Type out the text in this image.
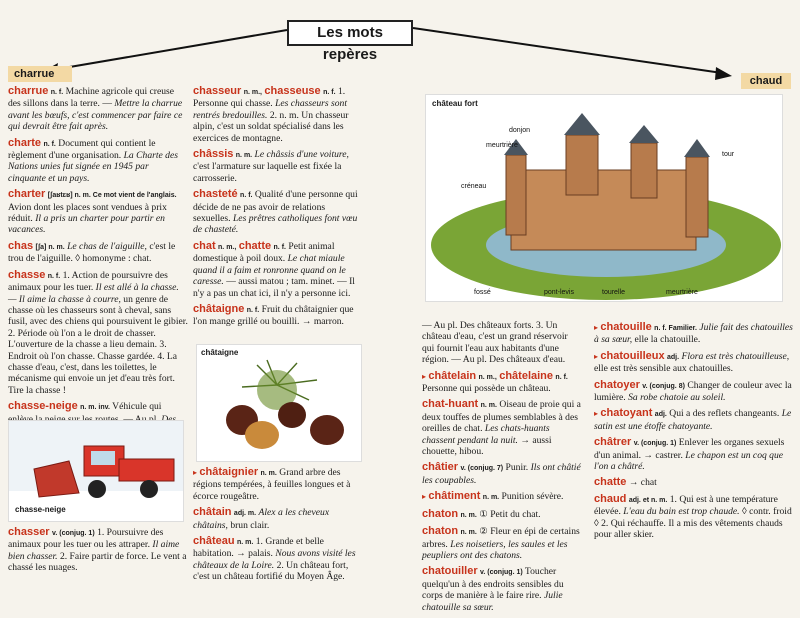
Les mots repères
charrue
chaud
charrue n. f. Machine agricole qui creuse des sillons dans la terre. — Mettre la charrue avant les bœufs, c'est commencer par faire ce qui devrait être fait après.
charte n. f. Document qui contient le règlement d'une organisation. La Charte des Nations unies fut signée en 1945 par cinquante et un pays.
charter [ʃaʁtɛʁ] n. m. Ce mot vient de l'anglais. Avion dont les places sont vendues à prix réduit. Il a pris un charter pour partir en vacances.
chas [ʃa] n. m. Le chas de l'aiguille, c'est le trou de l'aiguille. ◊ homonyme : chat.
chasse n. f. 1. Action de poursuivre des animaux pour les tuer. Il est allé à la chasse. — Il aime la chasse à courre, un genre de chasse où les chasseurs sont à cheval, sans fusil, avec des chiens qui poursuivent le gibier. 2. Période où l'on a le droit de chasser. L'ouverture de la chasse a lieu demain. 3. Endroit où l'on chasse. Chasse gardée. 4. La chasse d'eau, c'est, dans les toilettes, le mécanisme qui envoie un jet d'eau très fort. Tire la chasse !
chasse-neige n. m. inv. Véhicule qui
chasse-neige
chasser v. (conjug. 1) 1. Poursuivre des animaux pour les tuer ou les attraper. Il aime bien chasser. 2. Faire partir de force. Le vent a chassé les nuages.
chasseur n. m., chasseuse n. f. 1. Personne qui chasse. Les chasseurs sont rentrés bredouilles. 2. n. m. Un chasseur alpin, c'est un soldat spécialisé dans les exercices de montagne.
châssis n. m. Le châssis d'une voiture, c'est l'armature sur laquelle est fixée la carrosserie.
chasteté n. f. Qualité d'une personne qui décide de ne pas avoir de relations sexuelles. Les prêtres catholiques font vœu de chasteté.
chat n. m., chatte n. f. Petit animal domestique à poil doux. Le chat miaule quand il a faim et ronronne quand on le caresse. — aussi matou ; tam. minet. — Il n'y a pas un chat ici, il n'y a personne ici.
châtaigne n. f. Fruit du châtaignier que l'on mange grillé ou bouilli. → marron.
châtaigne
▸ châtaignier n. m. Grand arbre des régions tempérées, à feuilles longues et à écorce rougeâtre.
châtain adj. m. Alex a les cheveux châtains, brun clair.
château n. m. 1. Grande et belle habitation. → palais. Nous avons visité les châteaux de la Loire. 2. Un château fort, c'est un château fortifié du Moyen Âge.
château fort
donjon
meurtrière
tour
créneau
fossé	pont-levis	tourelle	meurtrière
— Au pl. Des châteaux forts. 3. Un château d'eau, c'est un grand réservoir qui fournit l'eau aux habitants d'une région. — Au pl. Des châteaux d'eau.
▸ châtelain n. m., châtelaine n. f. Personne qui possède un château.
chat-huant n. m. Oiseau de proie qui a deux touffes de plumes semblables à des oreilles de chat. Les chats-huants chassent pendant la nuit. → aussi chouette, hibou.
châtier v. (conjug. 7) Punir. Ils ont châtié les coupables.
▸ châtiment n. m. Punition sévère.
chaton n. m. ① Petit du chat.
chaton n. m. ② Fleur en épi de certains arbres. Les noisetiers, les saules et les peupliers ont des chatons.
chatouiller v. (conjug. 1) Toucher quelqu'un à des endroits sensibles du corps de manière à le faire rire. Julie chatouille sa sœur.
▸ chatouille n. f. Familier. Julie fait des chatouilles à sa sœur, elle la chatouille.
▸ chatouilleux adj. Flora est très chatouilleuse, elle est très sensible aux chatouilles.
chatoyer v. (conjug. 8) Changer de couleur avec la lumière. Sa robe chatoie au soleil.
▸ chatoyant adj. Qui a des reflets changeants. Le satin est une étoffe chatoyante.
châtrer v. (conjug. 1) Enlever les organes sexuels d'un animal. → castrer. Le chapon est un coq que l'on a châtré.
chatte → chat
chaud adj. et n. m. 1. Qui est à une température élevée. L'eau du bain est trop chaude. ◊ contr. froid ◊ 2. Qui réchauffe. Il a mis des vêtements chauds pour aller skier.
